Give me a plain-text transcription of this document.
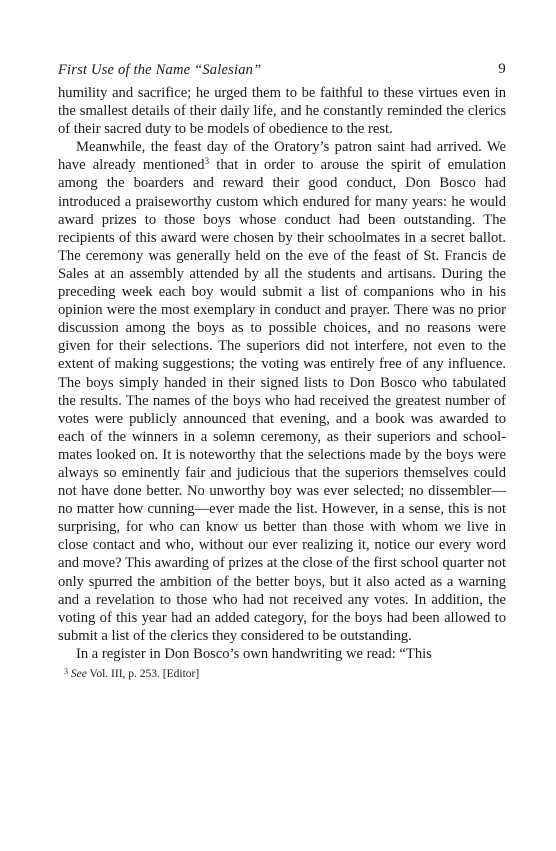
First Use of the Name “Salesian”	9

humility and sacrifice; he urged them to be faithful to these virtues even in the smallest details of their daily life, and he constantly reminded the clerics of their sacred duty to be models of obedience to the rest.

Meanwhile, the feast day of the Oratory’s patron saint had arrived. We have already mentioned$^3$ that in order to arouse the spirit of emulation among the boarders and reward their good conduct, Don Bosco had introduced a praiseworthy custom which endured for many years: he would award prizes to those boys whose conduct had been outstanding. The recipients of this award were chosen by their schoolmates in a secret ballot. The ceremony was generally held on the eve of the feast of St. Francis de Sales at an assembly attended by all the students and artisans. During the preceding week each boy would submit a list of companions who in his opinion were the most exemplary in conduct and prayer. There was no prior discussion among the boys as to possible choices, and no reasons were given for their selections. The superiors did not interfere, not even to the extent of making suggestions; the voting was entirely free of any influence. The boys simply handed in their signed lists to Don Bosco who tabulated the results. The names of the boys who had received the greatest number of votes were publicly announced that evening, and a book was awarded to each of the winners in a solemn ceremony, as their superiors and schoolmates looked on. It is noteworthy that the selections made by the boys were always so eminently fair and judicious that the superiors themselves could not have done better. No unworthy boy was ever selected; no dissembler—no matter how cunning—ever made the list. However, in a sense, this is not surprising, for who can know us better than those with whom we live in close contact and who, without our ever realizing it, notice our every word and move? This awarding of prizes at the close of the first school quarter not only spurred the ambition of the better boys, but it also acted as a warning and a revelation to those who had not received any votes. In addition, the voting of this year had an added category, for the boys had been allowed to submit a list of the clerics they considered to be outstanding.

In a register in Don Bosco’s own handwriting we read: “This

$^3$ See Vol. III, p. 253. [Editor]
